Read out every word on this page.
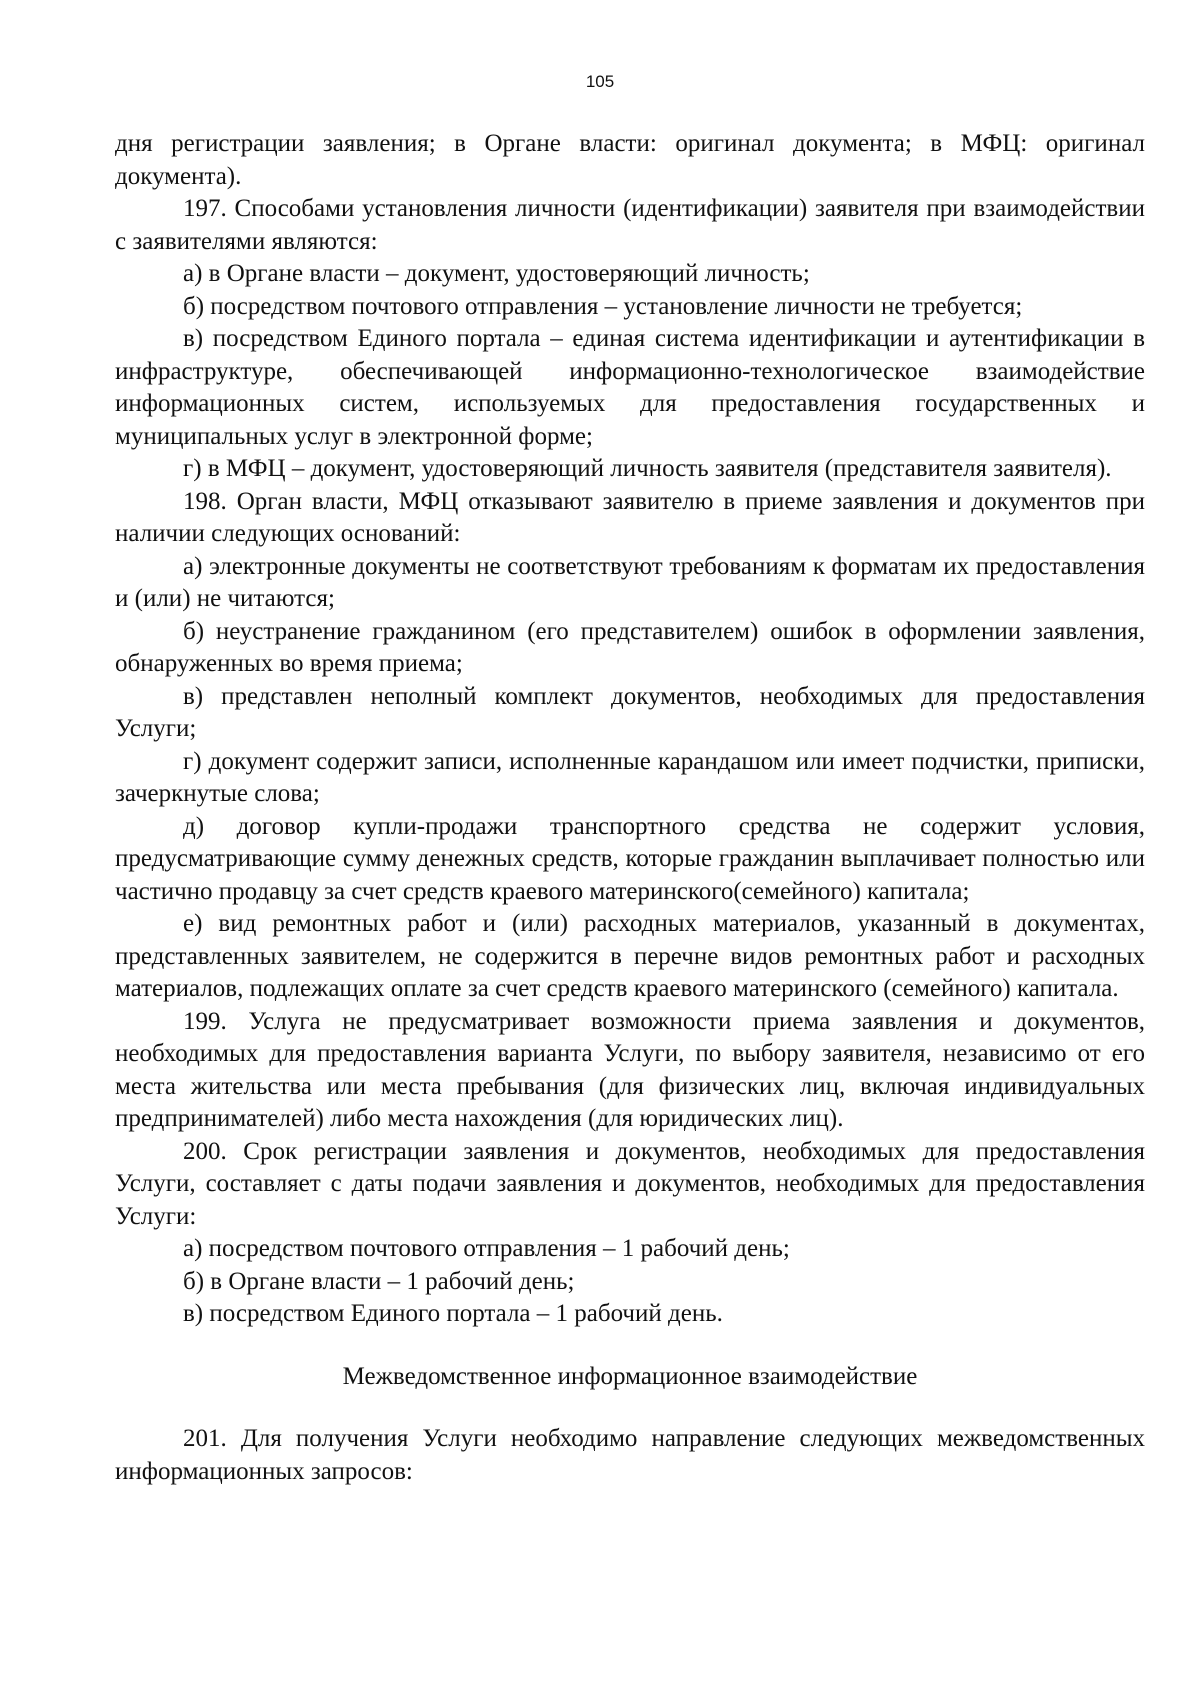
105

дня регистрации заявления; в Органе власти: оригинал документа; в МФЦ: оригинал документа).

197. Способами установления личности (идентификации) заявителя при взаимодействии с заявителями являются:

а) в Органе власти – документ, удостоверяющий личность;

б) посредством почтового отправления – установление личности не требуется;

в) посредством Единого портала – единая система идентификации и аутентификации в инфраструктуре, обеспечивающей информационно-технологическое взаимодействие информационных систем, используемых для предоставления государственных и муниципальных услуг в электронной форме;

г) в МФЦ – документ, удостоверяющий личность заявителя (представителя заявителя).

198. Орган власти, МФЦ отказывают заявителю в приеме заявления и документов при наличии следующих оснований:

а) электронные документы не соответствуют требованиям к форматам их предоставления и (или) не читаются;

б) неустранение гражданином (его представителем) ошибок в оформлении заявления, обнаруженных во время приема;

в) представлен неполный комплект документов, необходимых для предоставления Услуги;

г) документ содержит записи, исполненные карандашом или имеет подчистки, приписки, зачеркнутые слова;

д) договор купли-продажи транспортного средства не содержит условия, предусматривающие сумму денежных средств, которые гражданин выплачивает полностью или частично продавцу за счет средств краевого материнского(семейного) капитала;

е) вид ремонтных работ и (или) расходных материалов, указанный в документах, представленных заявителем, не содержится в перечне видов ремонтных работ и расходных материалов, подлежащих оплате за счет средств краевого материнского (семейного) капитала.

199. Услуга не предусматривает возможности приема заявления и документов, необходимых для предоставления варианта Услуги, по выбору заявителя, независимо от его места жительства или места пребывания (для физических лиц, включая индивидуальных предпринимателей) либо места нахождения (для юридических лиц).

200. Срок регистрации заявления и документов, необходимых для предоставления Услуги, составляет с даты подачи заявления и документов, необходимых для предоставления Услуги:

а) посредством почтового отправления – 1 рабочий день;

б) в Органе власти – 1 рабочий день;

в) посредством Единого портала – 1 рабочий день.

Межведомственное информационное взаимодействие

201. Для получения Услуги необходимо направление следующих межведомственных информационных запросов:
